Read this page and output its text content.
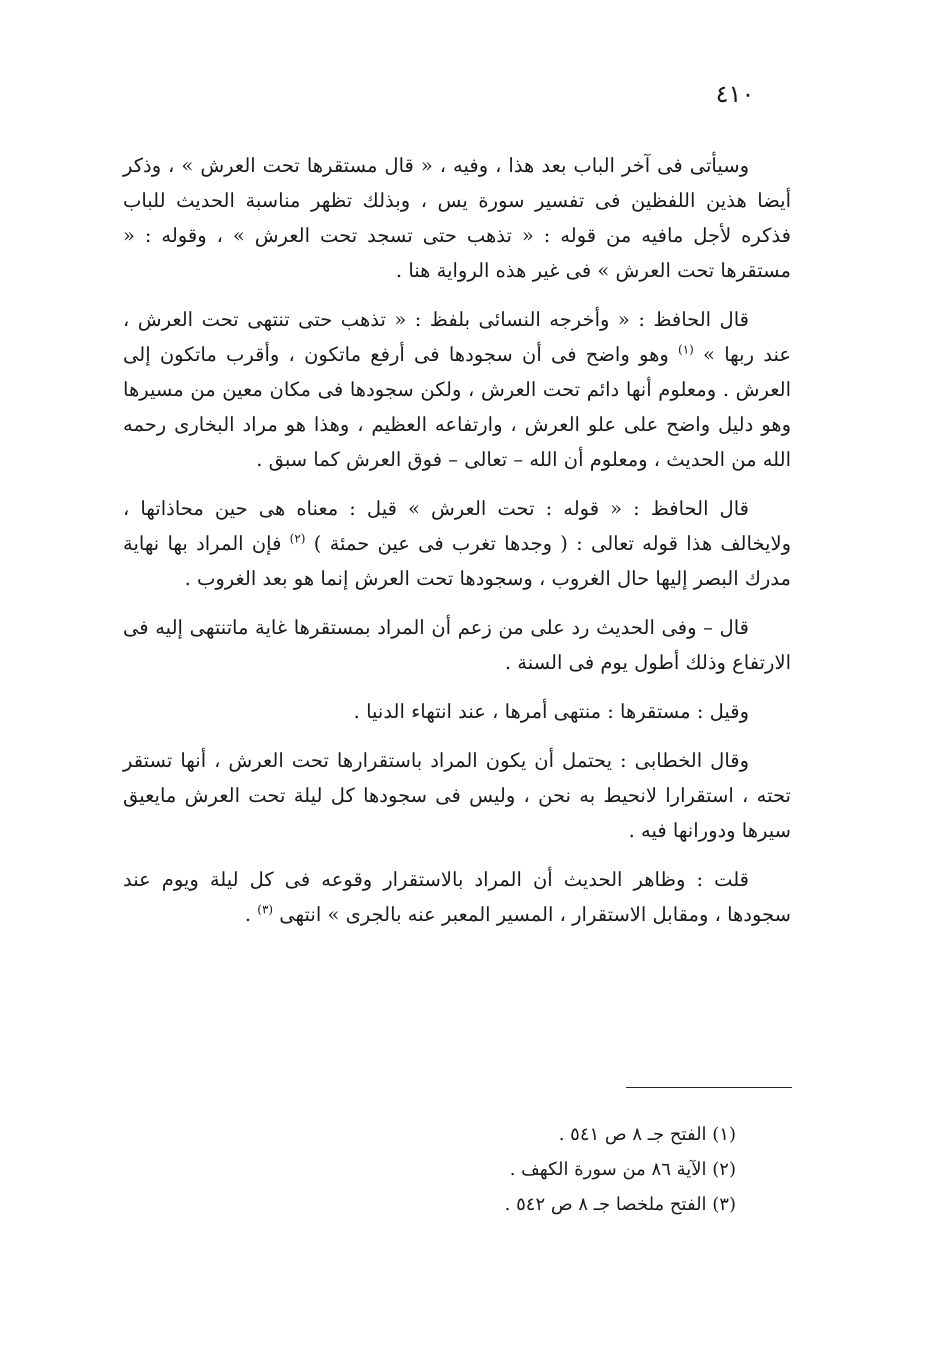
٤١٠

وسيأتى فى آخر الباب بعد هذا ، وفيه ، « قال مستقرها تحت العرش » ، وذكر أيضا هذين اللفظين فى تفسير سورة يس ، وبذلك تظهر مناسبة الحديث للباب فذكره لأجل مافيه من قوله : « تذهب حتى تسجد تحت العرش » ، وقوله : « مستقرها تحت العرش » فى غير هذه الرواية هنا .

قال الحافظ : « وأخرجه النسائى بلفظ : « تذهب حتى تنتهى تحت العرش ، عند ربها » $^{(١)}$ وهو واضح فى أن سجودها فى أرفع ماتكون ، وأقرب ماتكون إلى العرش . ومعلوم أنها دائم تحت العرش ، ولكن سجودها فى مكان معين من مسيرها وهو دليل واضح على علو العرش ، وارتفاعه العظيم ، وهذا هو مراد البخارى رحمه الله من الحديث ، ومعلوم أن الله – تعالى – فوق العرش كما سبق .

قال الحافظ : « قوله : تحت العرش » قيل : معناه هى حين محاذاتها ، ولايخالف هذا قوله تعالى : ( وجدها تغرب فى عين حمئة ) $^{(٢)}$ فإن المراد بها نهاية مدرك البصر إليها حال الغروب ، وسجودها تحت العرش إنما هو بعد الغروب .

قال – وفى الحديث رد على من زعم أن المراد بمستقرها غاية ماتنتهى إليه فى الارتفاع وذلك أطول يوم فى السنة .

وقيل : مستقرها : منتهى أمرها ، عند انتهاء الدنيا .

وقال الخطابى : يحتمل أن يكون المراد باستقرارها تحت العرش ، أنها تستقر تحته ، استقرارا لانحيط به نحن ، وليس فى سجودها كل ليلة تحت العرش مايعيق سيرها ودورانها فيه .

قلت : وظاهر الحديث أن المراد بالاستقرار وقوعه فى كل ليلة ويوم عند سجودها ، ومقابل الاستقرار ، المسير المعبر عنه بالجرى » انتهى $^{(٣)}$ .

(١) الفتح جـ ٨ ص ٥٤١ .

(٢) الآية ٨٦ من سورة الكهف .

(٣) الفتح ملخصا جـ ٨ ص ٥٤٢ .
